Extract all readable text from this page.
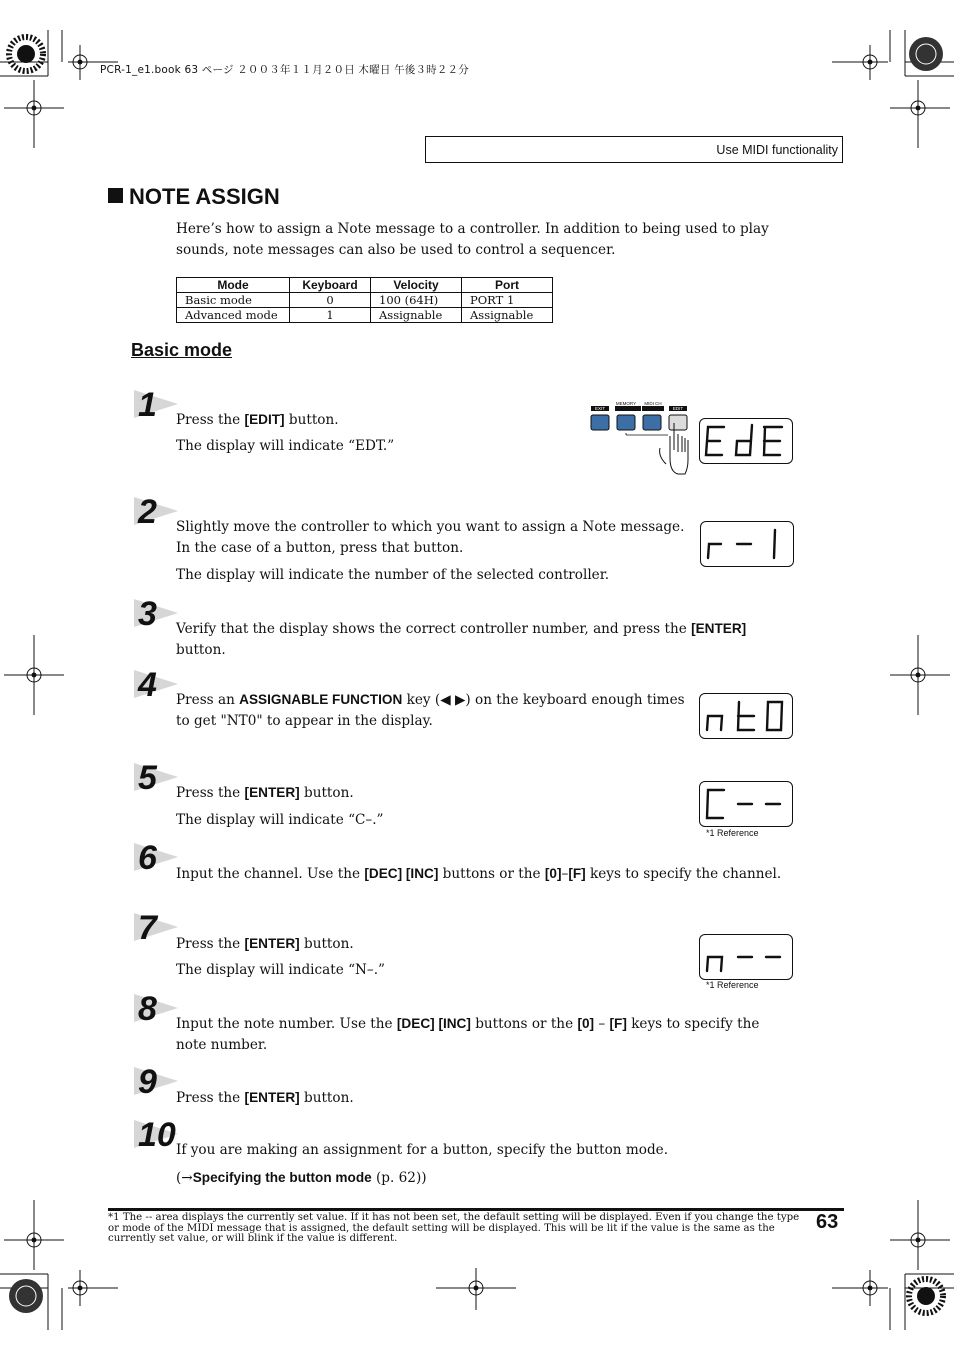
PCR-1_e1.book 63 ページ ２００３年１１月２０日 木曜日 午後３時２２分
Use MIDI functionality
NOTE ASSIGN
Here’s how to assign a Note message to a controller. In addition to being used to play sounds, note messages can also be used to control a sequencer.
Mode	Keyboard	Velocity	Port
Basic mode	0	100 (64H)	PORT 1
Advanced mode	1	Assignable	Assignable
Basic mode
1 Press the [EDIT] button.
The display will indicate “EDT.”
EXIT
MEMORY MIDI CH
EDIT
2 Slightly move the controller to which you want to assign a Note message. In the case of a button, press that button.
The display will indicate the number of the selected controller.
3 Verify that the display shows the correct controller number, and press the [ENTER] button.
4 Press an ASSIGNABLE FUNCTION key (◀ ▶) on the keyboard enough times to get "NT0" to appear in the display.
5 Press the [ENTER] button.
The display will indicate “C–.”
*1 Reference
6 Input the channel. Use the [DEC] [INC] buttons or the [0]–[F] keys to specify the channel.
7 Press the [ENTER] button.
The display will indicate “N–.”
*1 Reference
8 Input the note number. Use the [DEC] [INC] buttons or the [0] – [F] keys to specify the note number.
9 Press the [ENTER] button.
10 If you are making an assignment for a button, specify the button mode.
(→Specifying the button mode (p. 62))
*1 The -- area displays the currently set value. If it has not been set, the default setting will be displayed. Even if you change the type or mode of the MIDI message that is assigned, the default setting will be displayed. This will be lit if the value is the same as the currently set value, or will blink if the value is different.
63
